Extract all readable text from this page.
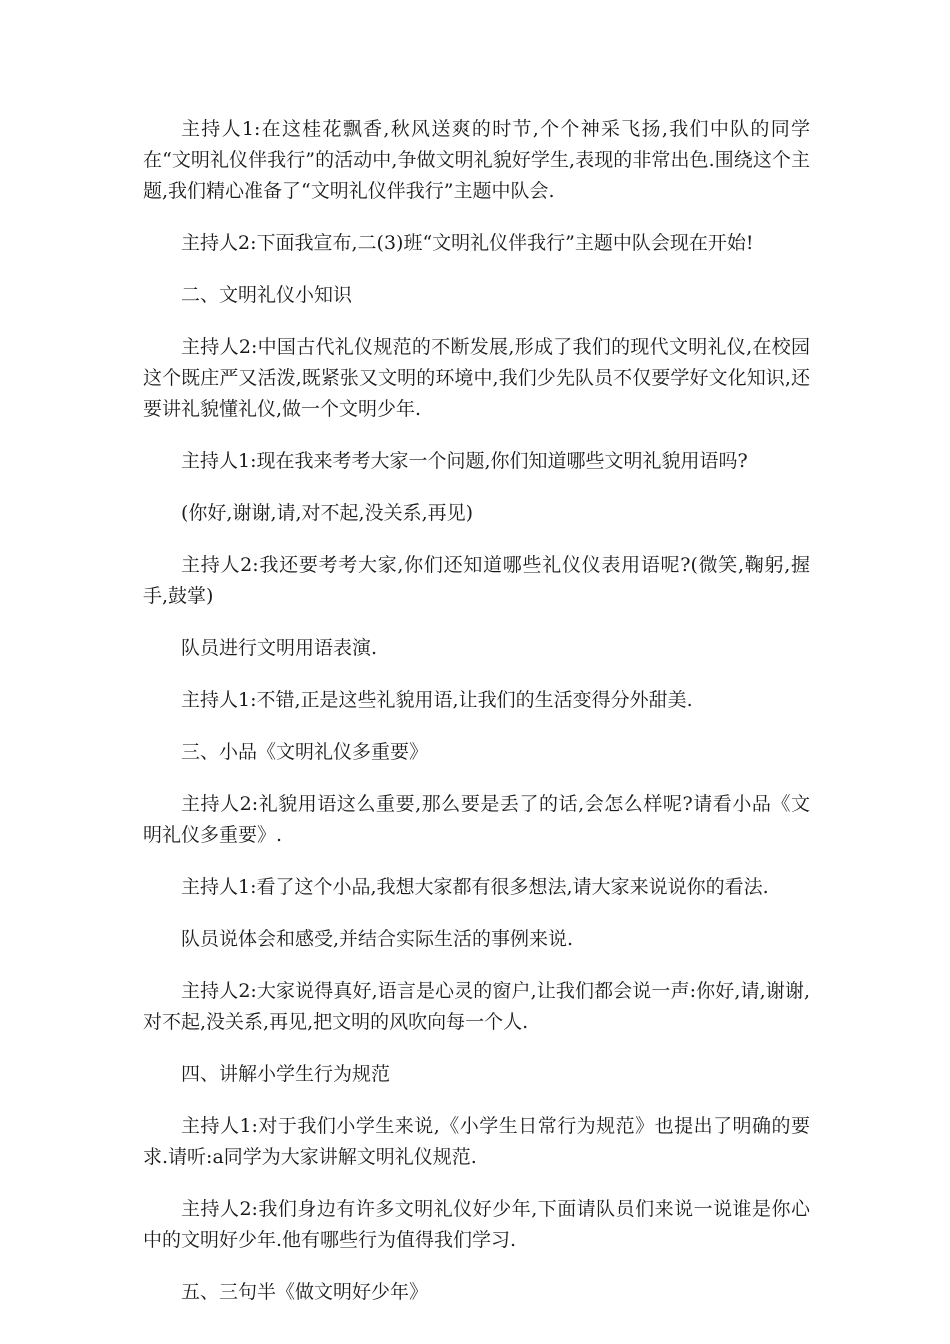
主持人1:在这桂花飘香,秋风送爽的时节,个个神采飞扬,我们中队的同学在“文明礼仪伴我行”的活动中,争做文明礼貌好学生,表现的非常出色.围绕这个主题,我们精心准备了“文明礼仪伴我行”主题中队会.

主持人2:下面我宣布,二(3)班“文明礼仪伴我行”主题中队会现在开始!

二、文明礼仪小知识

主持人2:中国古代礼仪规范的不断发展,形成了我们的现代文明礼仪,在校园这个既庄严又活泼,既紧张又文明的环境中,我们少先队员不仅要学好文化知识,还要讲礼貌懂礼仪,做一个文明少年.

主持人1:现在我来考考大家一个问题,你们知道哪些文明礼貌用语吗?

(你好,谢谢,请,对不起,没关系,再见)

主持人2:我还要考考大家,你们还知道哪些礼仪仪表用语呢?(微笑,鞠躬,握手,鼓掌)

队员进行文明用语表演.

主持人1:不错,正是这些礼貌用语,让我们的生活变得分外甜美.

三、小品《文明礼仪多重要》

主持人2:礼貌用语这么重要,那么要是丢了的话,会怎么样呢?请看小品《文明礼仪多重要》.

主持人1:看了这个小品,我想大家都有很多想法,请大家来说说你的看法.

队员说体会和感受,并结合实际生活的事例来说.

主持人2:大家说得真好,语言是心灵的窗户,让我们都会说一声:你好,请,谢谢,对不起,没关系,再见,把文明的风吹向每一个人.

四、讲解小学生行为规范

主持人1:对于我们小学生来说,《小学生日常行为规范》也提出了明确的要求.请听:a同学为大家讲解文明礼仪规范.

主持人2:我们身边有许多文明礼仪好少年,下面请队员们来说一说谁是你心中的文明好少年.他有哪些行为值得我们学习.

五、三句半《做文明好少年》
